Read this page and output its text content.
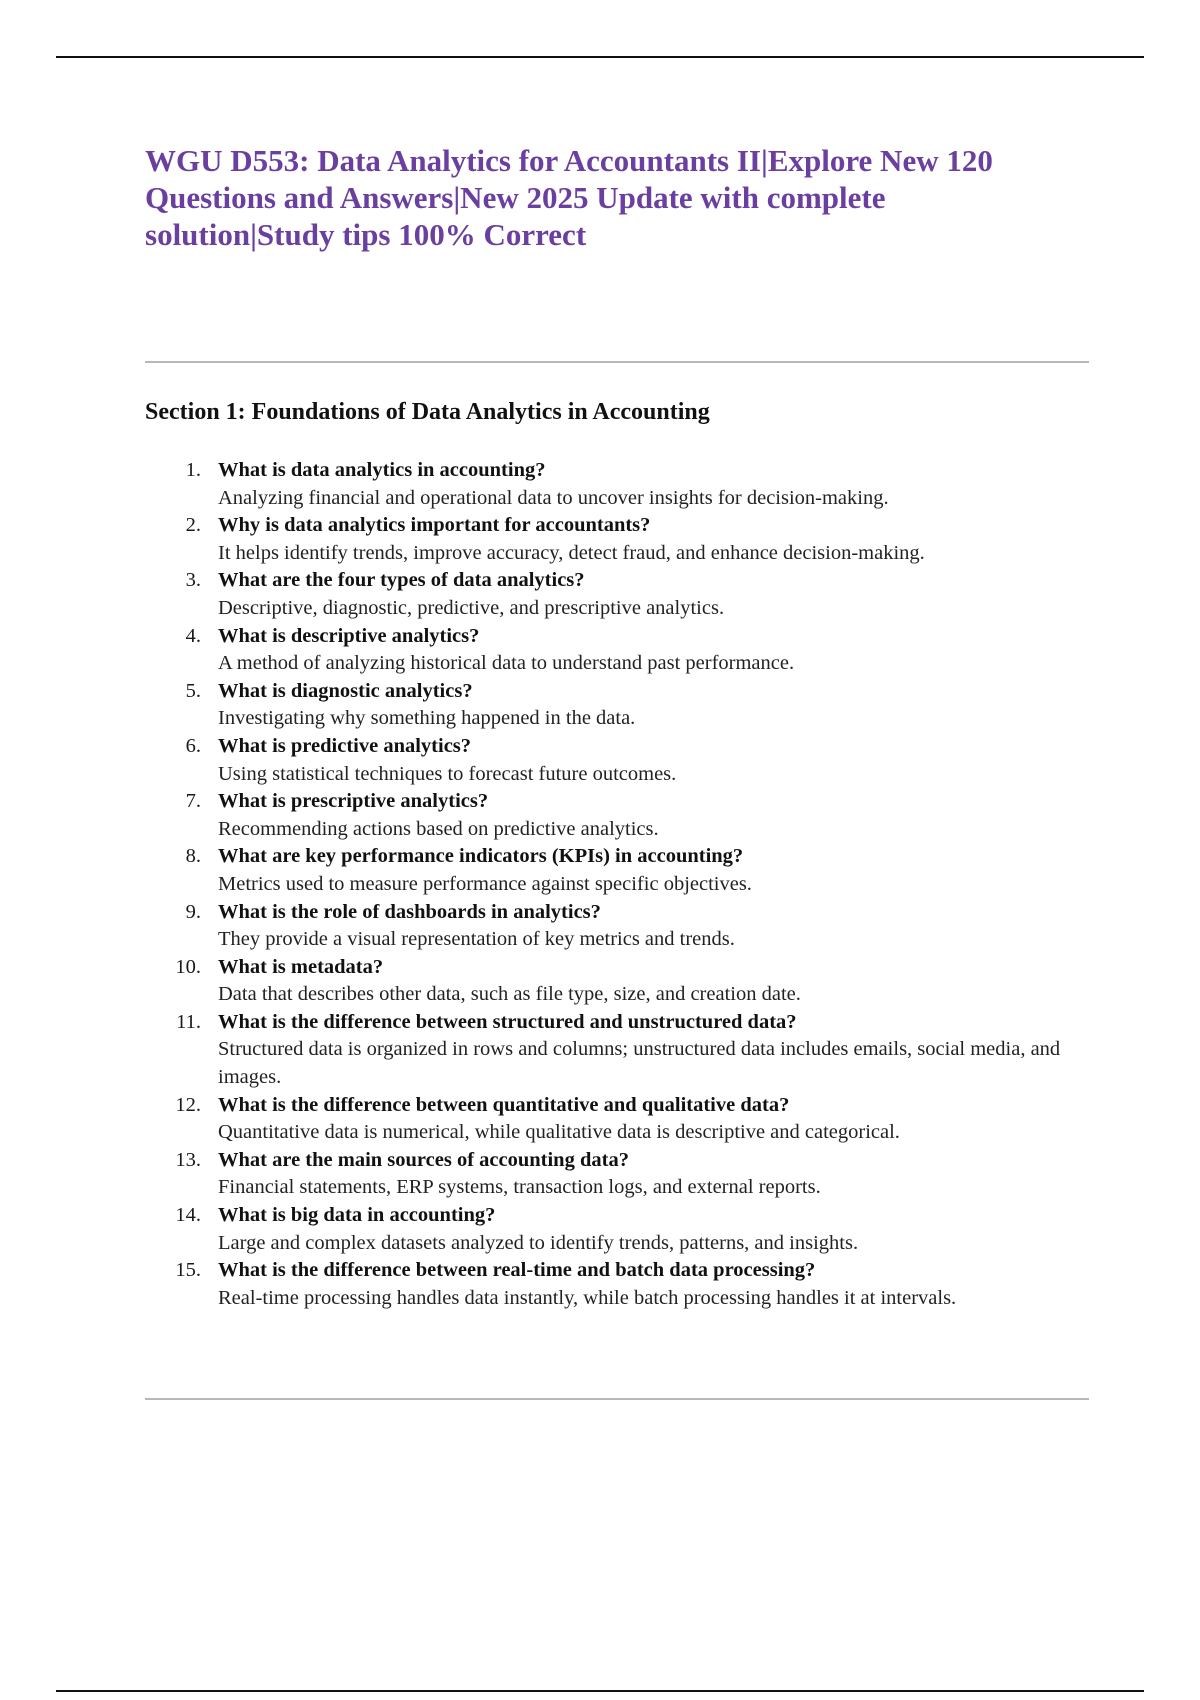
WGU D553: Data Analytics for Accountants II|Explore New 120 Questions and Answers|New 2025 Update with complete solution|Study tips 100% Correct
Section 1: Foundations of Data Analytics in Accounting
1. What is data analytics in accounting?
Analyzing financial and operational data to uncover insights for decision-making.
2. Why is data analytics important for accountants?
It helps identify trends, improve accuracy, detect fraud, and enhance decision-making.
3. What are the four types of data analytics?
Descriptive, diagnostic, predictive, and prescriptive analytics.
4. What is descriptive analytics?
A method of analyzing historical data to understand past performance.
5. What is diagnostic analytics?
Investigating why something happened in the data.
6. What is predictive analytics?
Using statistical techniques to forecast future outcomes.
7. What is prescriptive analytics?
Recommending actions based on predictive analytics.
8. What are key performance indicators (KPIs) in accounting?
Metrics used to measure performance against specific objectives.
9. What is the role of dashboards in analytics?
They provide a visual representation of key metrics and trends.
10. What is metadata?
Data that describes other data, such as file type, size, and creation date.
11. What is the difference between structured and unstructured data?
Structured data is organized in rows and columns; unstructured data includes emails, social media, and images.
12. What is the difference between quantitative and qualitative data?
Quantitative data is numerical, while qualitative data is descriptive and categorical.
13. What are the main sources of accounting data?
Financial statements, ERP systems, transaction logs, and external reports.
14. What is big data in accounting?
Large and complex datasets analyzed to identify trends, patterns, and insights.
15. What is the difference between real-time and batch data processing?
Real-time processing handles data instantly, while batch processing handles it at intervals.
